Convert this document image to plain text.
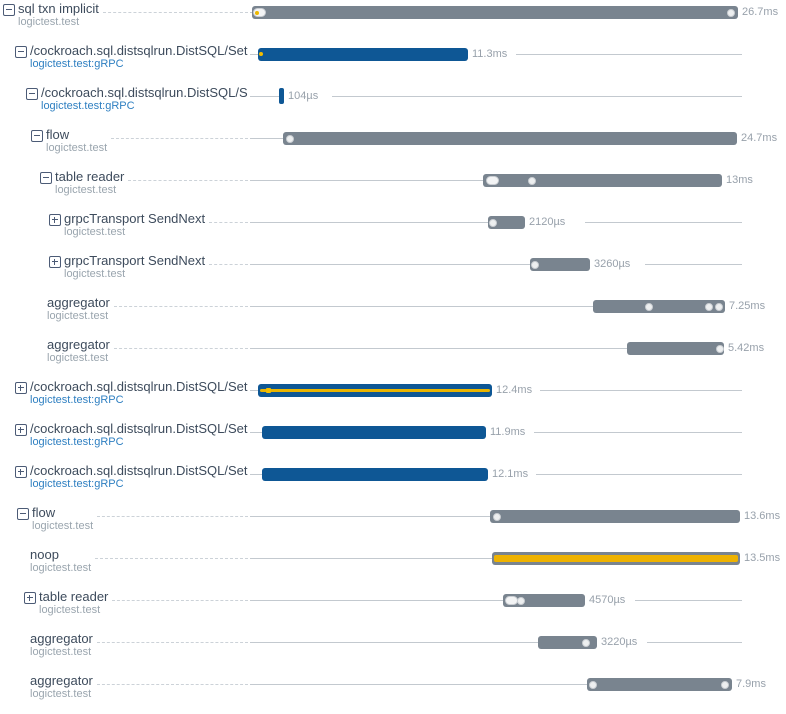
sql txn implicit
logictest.test
26.7ms
/cockroach.sql.distsqlrun.DistSQL/Set
logictest.test:gRPC
11.3ms
/cockroach.sql.distsqlrun.DistSQL/S
logictest.test:gRPC
104µs
flow
logictest.test
24.7ms
table reader
logictest.test
13ms
grpcTransport SendNext
logictest.test
2120µs
grpcTransport SendNext
logictest.test
3260µs
aggregator
logictest.test
7.25ms
aggregator
logictest.test
5.42ms
/cockroach.sql.distsqlrun.DistSQL/Set
logictest.test:gRPC
12.4ms
/cockroach.sql.distsqlrun.DistSQL/Set
logictest.test:gRPC
11.9ms
/cockroach.sql.distsqlrun.DistSQL/Set
logictest.test:gRPC
12.1ms
flow
logictest.test
13.6ms
noop
logictest.test
13.5ms
table reader
logictest.test
4570µs
aggregator
logictest.test
3220µs
aggregator
logictest.test
7.9ms
